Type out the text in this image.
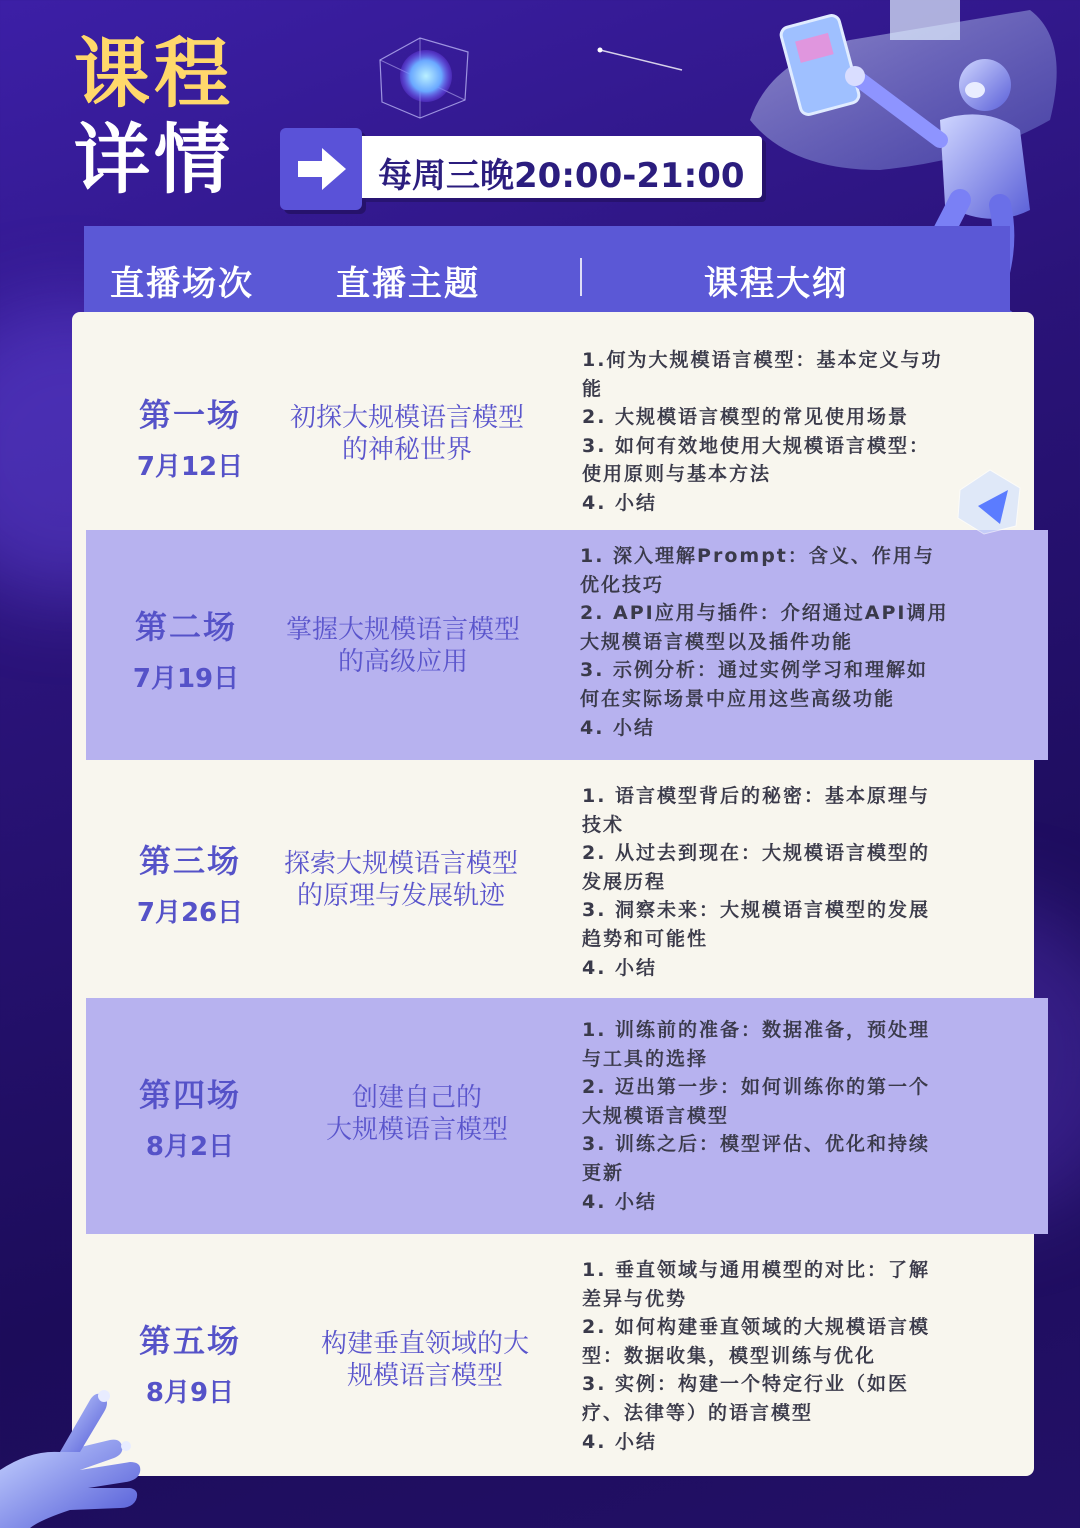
课程
详情	每周三晚20:00-21:00
直播场次 直播主题	课程大纲
第一场
7月12日
初探大规模语言模型
的神秘世界
1.何为大规模语言模型：基本定义与功
能
2. 大规模语言模型的常见使用场景
3. 如何有效地使用大规模语言模型：
使用原则与基本方法
4. 小结
第二场
7月19日
掌握大规模语言模型
的高级应用
1. 深入理解Prompt：含义、作用与
优化技巧
2. API应用与插件：介绍通过API调用
大规模语言模型以及插件功能
3. 示例分析：通过实例学习和理解如
何在实际场景中应用这些高级功能
4. 小结
第三场
7月26日
探索大规模语言模型
的原理与发展轨迹
1. 语言模型背后的秘密：基本原理与
技术
2. 从过去到现在：大规模语言模型的
发展历程
3. 洞察未来：大规模语言模型的发展
趋势和可能性
4. 小结
第四场
8月2日
创建自己的
大规模语言模型
1. 训练前的准备：数据准备，预处理
与工具的选择
2. 迈出第一步：如何训练你的第一个
大规模语言模型
3. 训练之后：模型评估、优化和持续
更新
4. 小结
第五场
8月9日
构建垂直领域的大
规模语言模型
1. 垂直领域与通用模型的对比：了解
差异与优势
2. 如何构建垂直领域的大规模语言模
型：数据收集，模型训练与优化
3. 实例：构建一个特定行业（如医
疗、法律等）的语言模型
4. 小结
